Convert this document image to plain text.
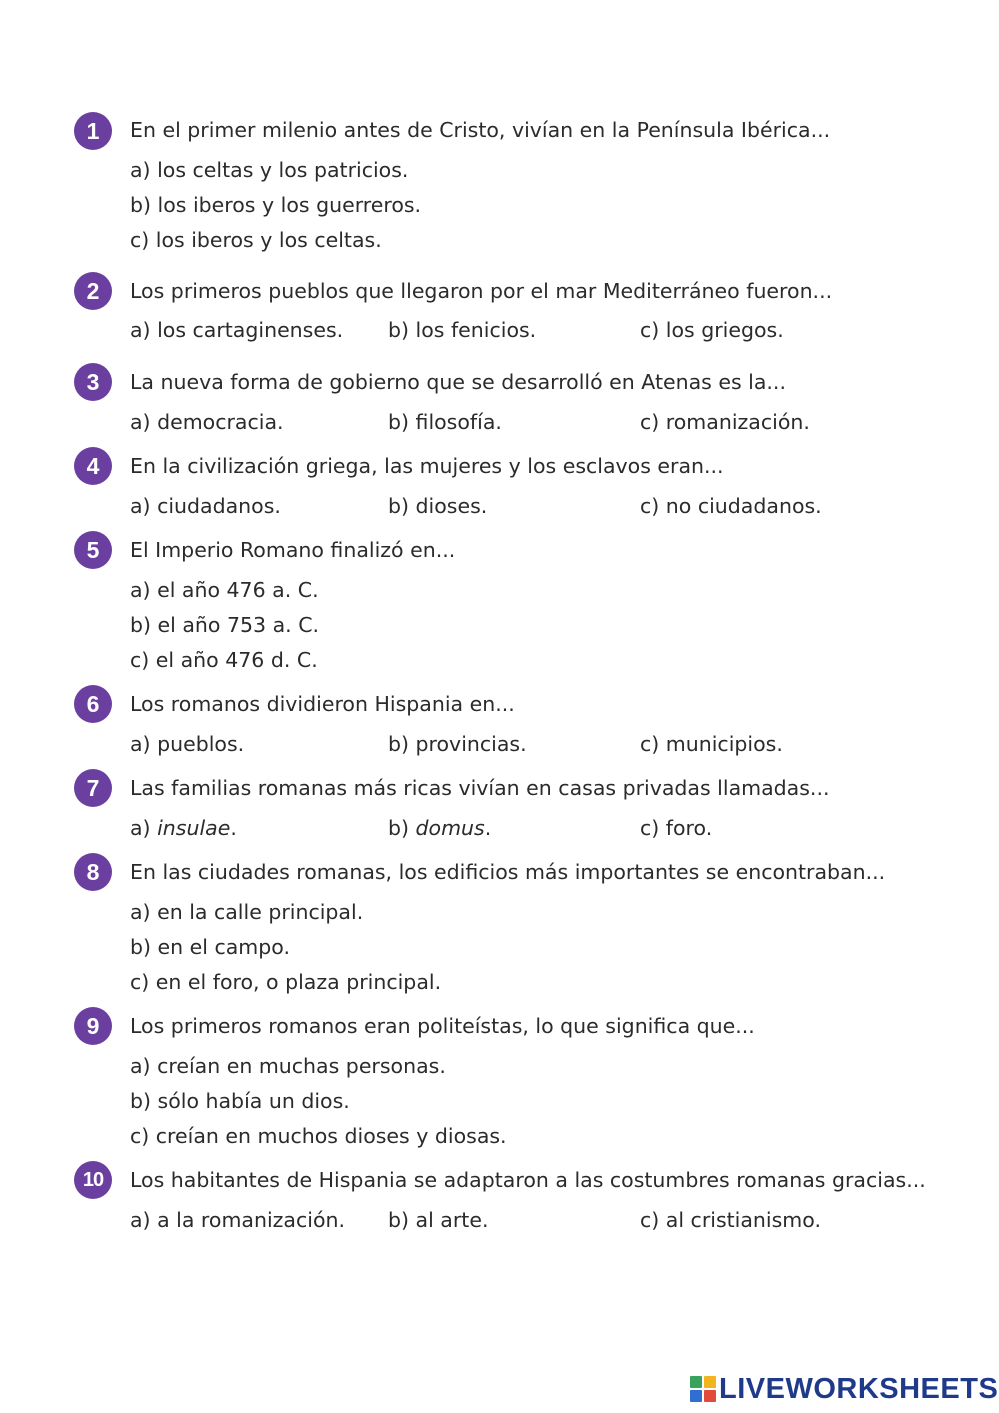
1	En el primer milenio antes de Cristo, vivían en la Península Ibérica...
a) los celtas y los patricios.
b) los iberos y los guerreros.
c) los iberos y los celtas.
2	Los primeros pueblos que llegaron por el mar Mediterráneo fueron...
a) los cartaginenses. b) los fenicios.	c) los griegos.
3	La nueva forma de gobierno que se desarrolló en Atenas es la...
a) democracia.	b) filosofía.	c) romanización.
4	En la civilización griega, las mujeres y los esclavos eran...
a) ciudadanos.	b) dioses.	c) no ciudadanos.
5	El Imperio Romano finalizó en...
a) el año 476 a. C.
b) el año 753 a. C.
c) el año 476 d. C.
6	Los romanos dividieron Hispania en...
a) pueblos.	b) provincias.	c) municipios.
7	Las familias romanas más ricas vivían en casas privadas llamadas...
a) insulae.	b) domus.	c) foro.
8	En las ciudades romanas, los edificios más importantes se encontraban...
a) en la calle principal.
b) en el campo.
c) en el foro, o plaza principal.
9	Los primeros romanos eran politeístas, lo que significa que...
a) creían en muchas personas.
b) sólo había un dios.
c) creían en muchos dioses y diosas.
10	Los habitantes de Hispania se adaptaron a las costumbres romanas gracias...
a) a la romanización. b) al arte.	c) al cristianismo.
LIVEWORKSHEETS
